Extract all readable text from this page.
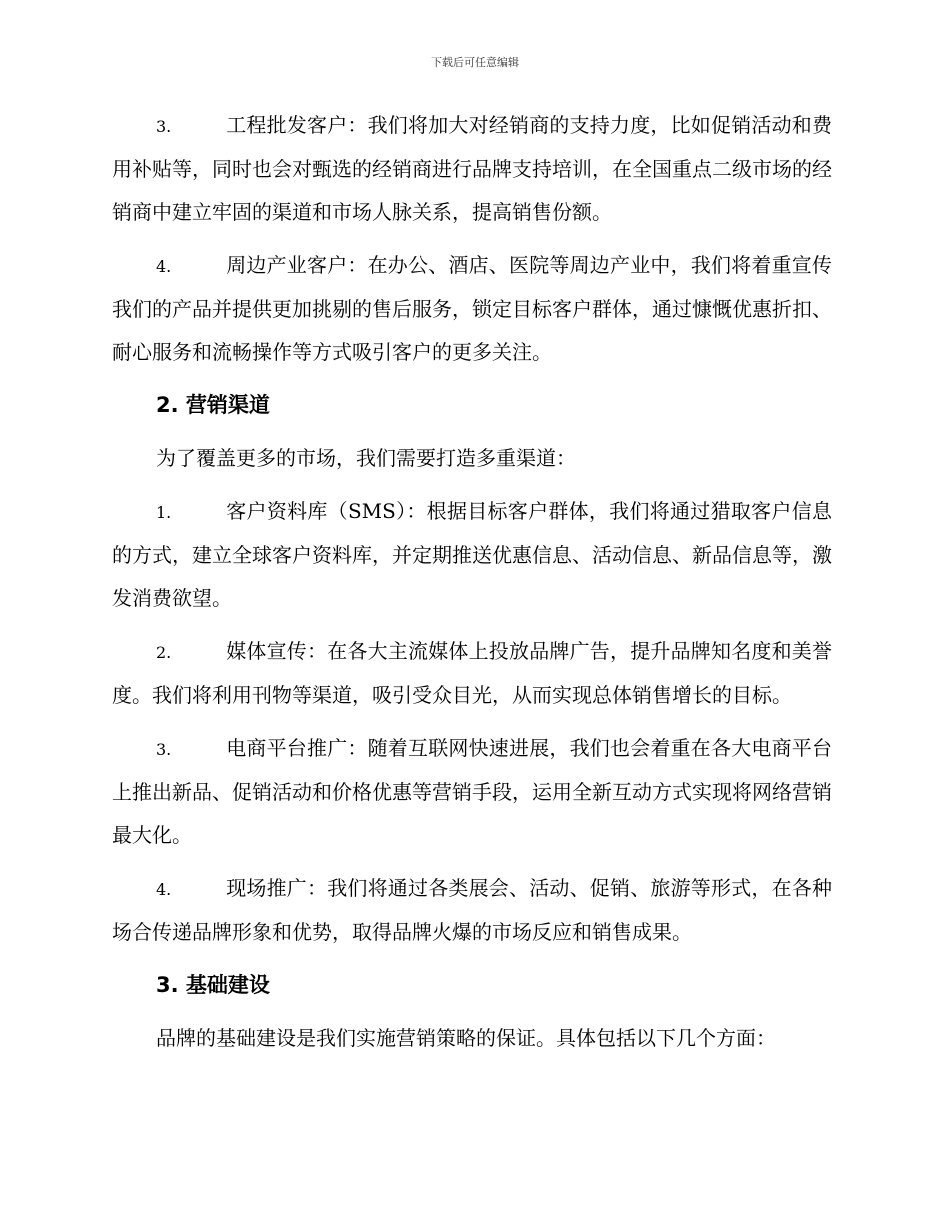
下载后可任意编辑

3.	工程批发客户：我们将加大对经销商的支持力度，比如促销活动和费用补贴等，同时也会对甄选的经销商进行品牌支持培训，在全国重点二级市场的经销商中建立牢固的渠道和市场人脉关系，提高销售份额。

4.	周边产业客户：在办公、酒店、医院等周边产业中，我们将着重宣传我们的产品并提供更加挑剔的售后服务，锁定目标客户群体，通过慷慨优惠折扣、耐心服务和流畅操作等方式吸引客户的更多关注。

2. 营销渠道

为了覆盖更多的市场，我们需要打造多重渠道：

1.	客户资料库（SMS）：根据目标客户群体，我们将通过猎取客户信息的方式，建立全球客户资料库，并定期推送优惠信息、活动信息、新品信息等，激发消费欲望。

2.	媒体宣传：在各大主流媒体上投放品牌广告，提升品牌知名度和美誉度。我们将利用刊物等渠道，吸引受众目光，从而实现总体销售增长的目标。

3.	电商平台推广：随着互联网快速进展，我们也会着重在各大电商平台上推出新品、促销活动和价格优惠等营销手段，运用全新互动方式实现将网络营销最大化。

4.	现场推广：我们将通过各类展会、活动、促销、旅游等形式，在各种场合传递品牌形象和优势，取得品牌火爆的市场反应和销售成果。

3. 基础建设

品牌的基础建设是我们实施营销策略的保证。具体包括以下几个方面：
